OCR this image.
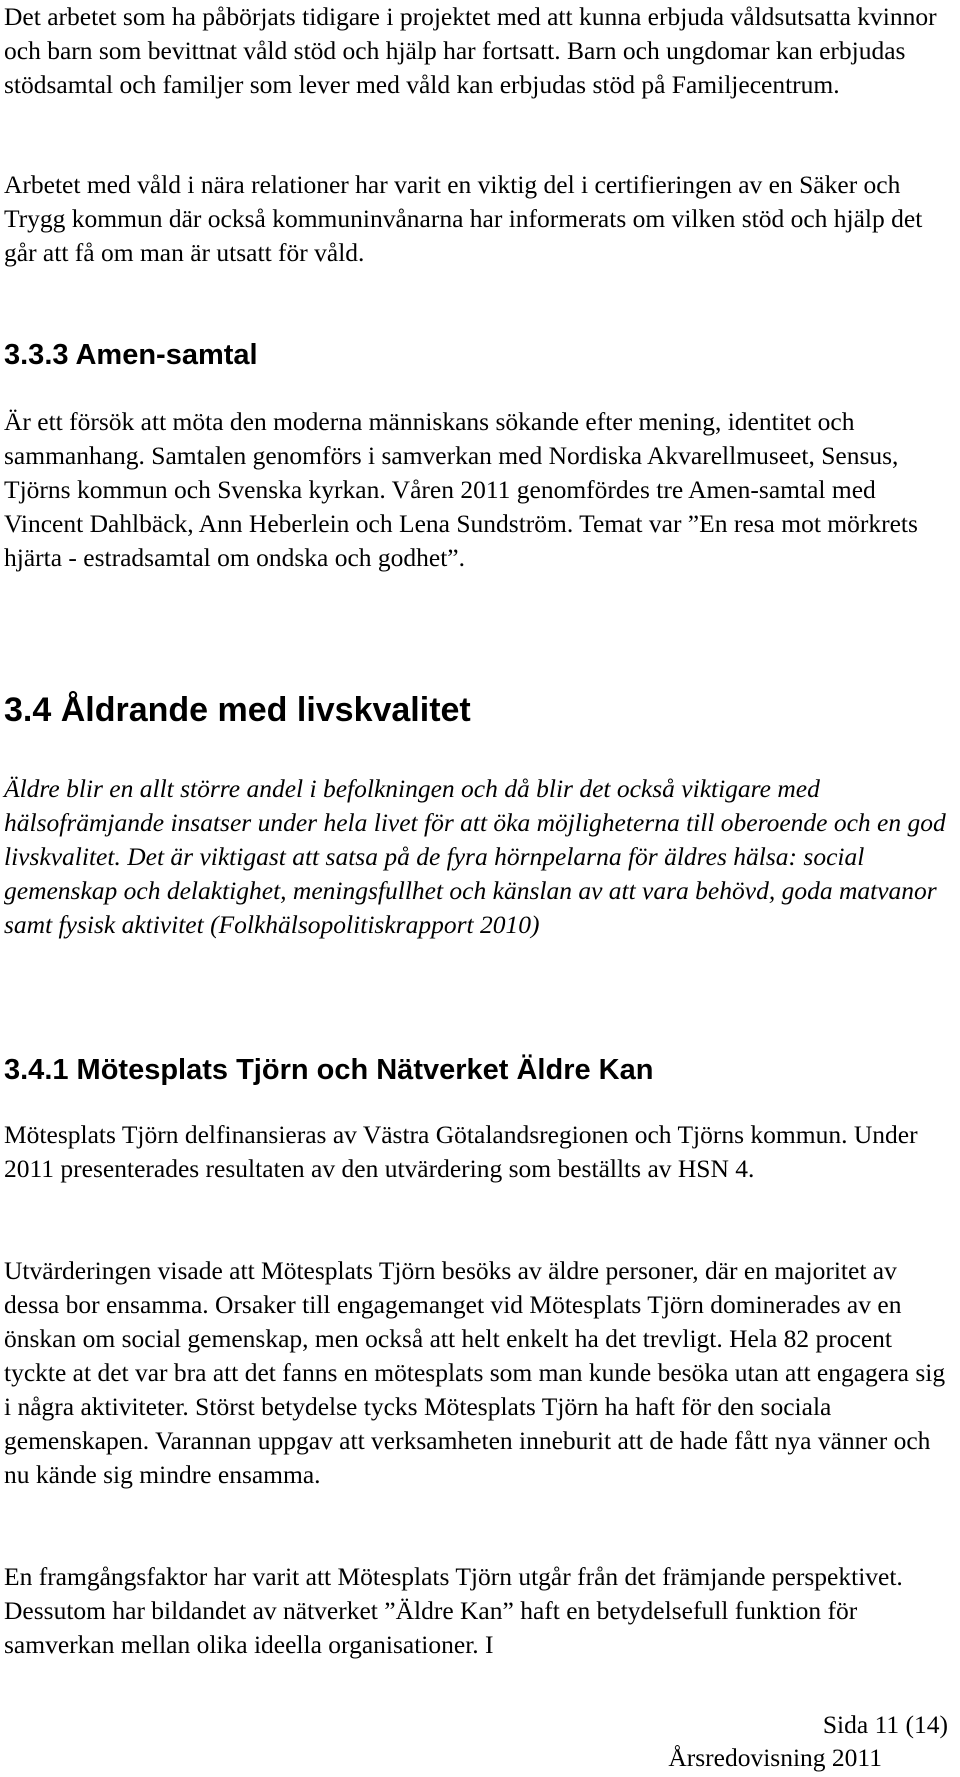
Det arbetet som ha påbörjats tidigare i projektet med att kunna erbjuda våldsutsatta kvinnor och barn som bevittnat våld stöd och hjälp har fortsatt. Barn och ungdomar kan erbjudas stödsamtal och familjer som lever med våld kan erbjudas stöd på Familjecentrum.

Arbetet med våld i nära relationer har varit en viktig del i certifieringen av en Säker och Trygg kommun där också kommuninvånarna har informerats om vilken stöd och hjälp det går att få om man är utsatt för våld.

3.3.3 Amen-samtal

Är ett försök att möta den moderna människans sökande efter mening, identitet och sammanhang. Samtalen genomförs i samverkan med Nordiska Akvarellmuseet, Sensus, Tjörns kommun och Svenska kyrkan. Våren 2011 genomfördes tre Amen-samtal med Vincent Dahlbäck, Ann Heberlein och Lena Sundström. Temat var ”En resa mot mörkrets hjärta - estradsamtal om ondska och godhet”.

3.4 Åldrande med livskvalitet

Äldre blir en allt större andel i befolkningen och då blir det också viktigare med hälsofrämjande insatser under hela livet för att öka möjligheterna till oberoende och en god livskvalitet. Det är viktigast att satsa på de fyra hörnpelarna för äldres hälsa: social gemenskap och delaktighet, meningsfullhet och känslan av att vara behövd, goda matvanor samt fysisk aktivitet (Folkhälsopolitiskrapport 2010)

3.4.1 Mötesplats Tjörn och Nätverket Äldre Kan

Mötesplats Tjörn delfinansieras av Västra Götalandsregionen och Tjörns kommun. Under 2011 presenterades resultaten av den utvärdering som beställts av HSN 4.

Utvärderingen visade att Mötesplats Tjörn besöks av äldre personer, där en majoritet av dessa bor ensamma. Orsaker till engagemanget vid Mötesplats Tjörn dominerades av en önskan om social gemenskap, men också att helt enkelt ha det trevligt. Hela 82 procent tyckte at det var bra att det fanns en mötesplats som man kunde besöka utan att engagera sig i några aktiviteter. Störst betydelse tycks Mötesplats Tjörn ha haft för den sociala gemenskapen. Varannan uppgav att verksamheten inneburit att de hade fått nya vänner och nu kände sig mindre ensamma.

En framgångsfaktor har varit att Mötesplats Tjörn utgår från det främjande perspektivet. Dessutom har bildandet av nätverket ”Äldre Kan” haft en betydelsefull funktion för samverkan mellan olika ideella organisationer. I

Sida 11 (14)

Årsredovisning 2011
